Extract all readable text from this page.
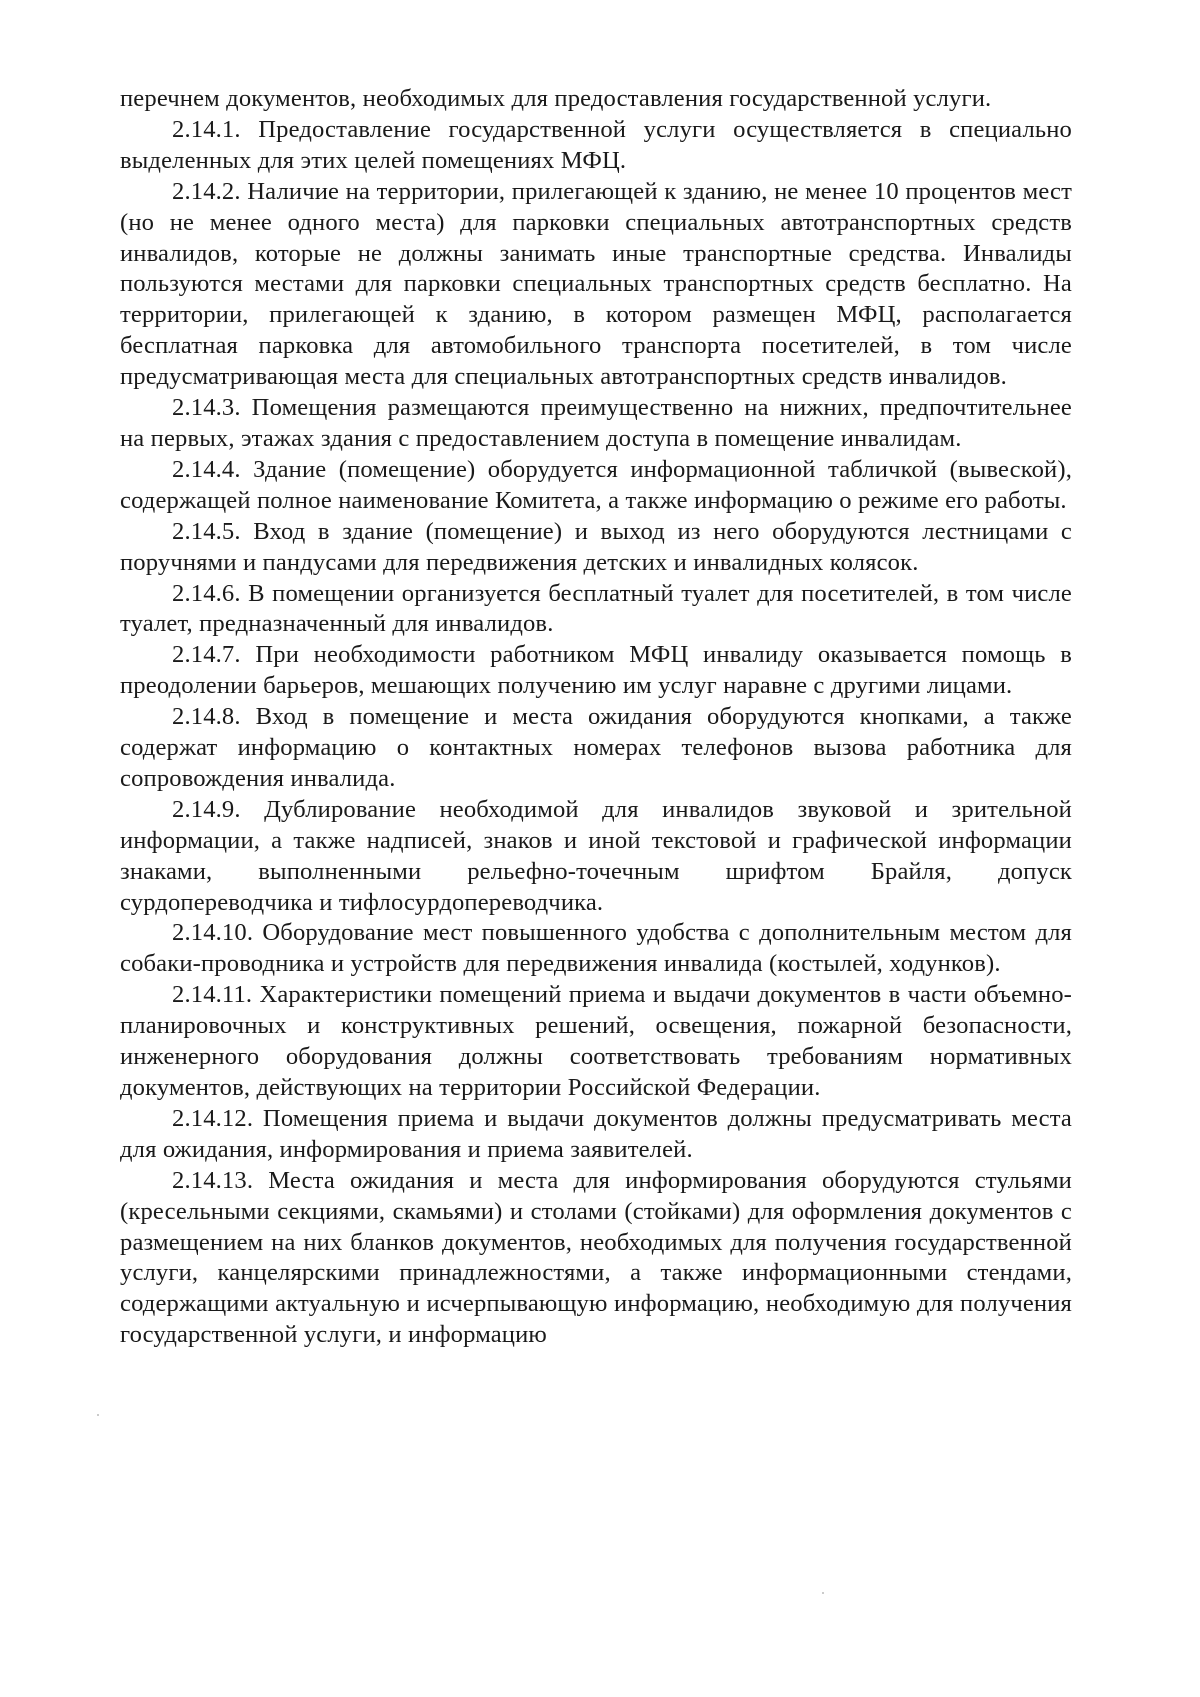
перечнем документов, необходимых для предоставления государственной услуги.

2.14.1. Предоставление государственной услуги осуществляется в специально выделенных для этих целей помещениях МФЦ.

2.14.2. Наличие на территории, прилегающей к зданию, не менее 10 процентов мест (но не менее одного места) для парковки специальных автотранспортных средств инвалидов, которые не должны занимать иные транспортные средства. Инвалиды пользуются местами для парковки специальных транспортных средств бесплатно. На территории, прилегающей к зданию, в котором размещен МФЦ, располагается бесплатная парковка для автомобильного транспорта посетителей, в том числе предусматривающая места для специальных автотранспортных средств инвалидов.

2.14.3. Помещения размещаются преимущественно на нижних, предпочтительнее на первых, этажах здания с предоставлением доступа в помещение инвалидам.

2.14.4. Здание (помещение) оборудуется информационной табличкой (вывеской), содержащей полное наименование Комитета, а также информацию о режиме его работы.

2.14.5. Вход в здание (помещение) и выход из него оборудуются лестницами с поручнями и пандусами для передвижения детских и инвалидных колясок.

2.14.6. В помещении организуется бесплатный туалет для посетителей, в том числе туалет, предназначенный для инвалидов.

2.14.7. При необходимости работником МФЦ инвалиду оказывается помощь в преодолении барьеров, мешающих получению им услуг наравне с другими лицами.

2.14.8. Вход в помещение и места ожидания оборудуются кнопками, а также содержат информацию о контактных номерах телефонов вызова работника для сопровождения инвалида.

2.14.9. Дублирование необходимой для инвалидов звуковой и зрительной информации, а также надписей, знаков и иной текстовой и графической информации знаками, выполненными рельефно-точечным шрифтом Брайля, допуск сурдопереводчика и тифлосурдопереводчика.

2.14.10. Оборудование мест повышенного удобства с дополнительным местом для собаки-проводника и устройств для передвижения инвалида (костылей, ходунков).

2.14.11. Характеристики помещений приема и выдачи документов в части объемно-планировочных и конструктивных решений, освещения, пожарной безопасности, инженерного оборудования должны соответствовать требованиям нормативных документов, действующих на территории Российской Федерации.

2.14.12. Помещения приема и выдачи документов должны предусматривать места для ожидания, информирования и приема заявителей.

2.14.13. Места ожидания и места для информирования оборудуются стульями (кресельными секциями, скамьями) и столами (стойками) для оформления документов с размещением на них бланков документов, необходимых для получения государственной услуги, канцелярскими принадлежностями, а также информационными стендами, содержащими актуальную и исчерпывающую информацию, необходимую для получения государственной услуги, и информацию
